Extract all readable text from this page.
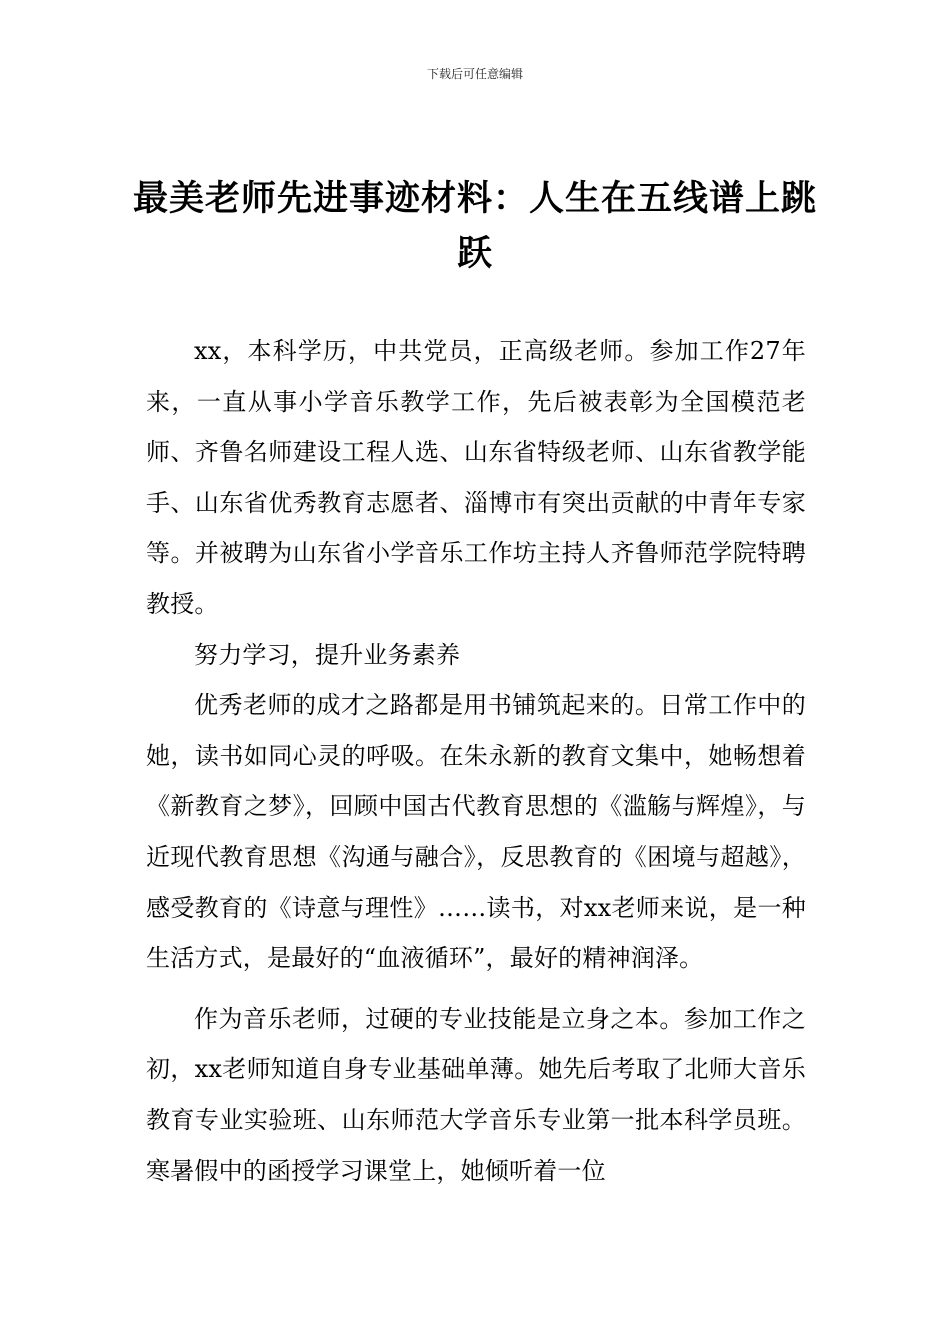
下载后可任意编辑
最美老师先进事迹材料：人生在五线谱上跳跃

xx，本科学历，中共党员，正高级老师。参加工作27年来，一直从事小学音乐教学工作，先后被表彰为全国模范老师、齐鲁名师建设工程人选、山东省特级老师、山东省教学能手、山东省优秀教育志愿者、淄博市有突出贡献的中青年专家等。并被聘为山东省小学音乐工作坊主持人齐鲁师范学院特聘教授。

努力学习，提升业务素养

优秀老师的成才之路都是用书铺筑起来的。日常工作中的她，读书如同心灵的呼吸。在朱永新的教育文集中，她畅想着《新教育之梦》，回顾中国古代教育思想的《滥觞与辉煌》，与近现代教育思想《沟通与融合》，反思教育的《困境与超越》，感受教育的《诗意与理性》……读书，对xx老师来说，是一种生活方式，是最好的“血液循环”，最好的精神润泽。

作为音乐老师，过硬的专业技能是立身之本。参加工作之初，xx老师知道自身专业基础单薄。她先后考取了北师大音乐教育专业实验班、山东师范大学音乐专业第一批本科学员班。寒暑假中的函授学习课堂上，她倾听着一位
